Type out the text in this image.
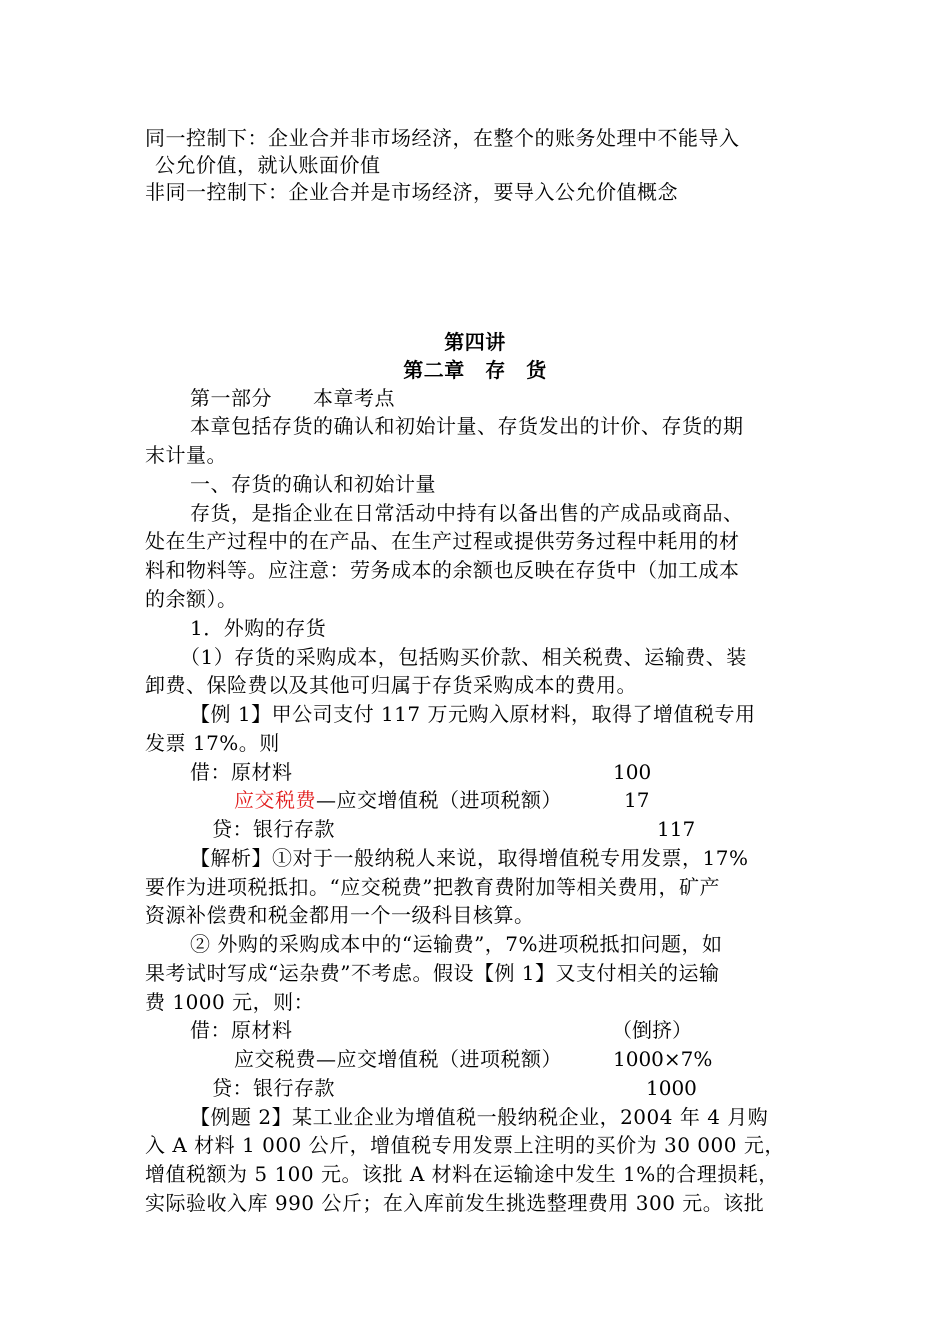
同一控制下：企业合并非市场经济，在整个的账务处理中不能导入
公允价值，就认账面价值
非同一控制下：企业合并是市场经济，要导入公允价值概念
第四讲
第二章　存　货
第一部分　　本章考点
本章包括存货的确认和初始计量、存货发出的计价、存货的期
末计量。
一、存货的确认和初始计量
存货，是指企业在日常活动中持有以备出售的产成品或商品、
处在生产过程中的在产品、在生产过程或提供劳务过程中耗用的材
料和物料等。应注意：劳务成本的余额也反映在存货中（加工成本
的余额）。
1．外购的存货
（1）存货的采购成本，包括购买价款、相关税费、运输费、装
卸费、保险费以及其他可归属于存货采购成本的费用。
【例 1】甲公司支付 117 万元购入原材料，取得了增值税专用
发票 17%。则
借：原材料	100
应交税费—应交增值税（进项税额）	17
贷：银行存款	117
【解析】①对于一般纳税人来说，取得增值税专用发票，17%
要作为进项税抵扣。“应交税费”把教育费附加等相关费用，矿产
资源补偿费和税金都用一个一级科目核算。
② 外购的采购成本中的“运输费”，7%进项税抵扣问题，如
果考试时写成“运杂费”不考虑。假设【例 1】又支付相关的运输
费 1000 元，则：
借：原材料	（倒挤）
应交税费—应交增值税（进项税额）	1000×7%
贷：银行存款	1000
【例题 2】某工业企业为增值税一般纳税企业，2004 年 4 月购
入 A 材料 1 000 公斤，增值税专用发票上注明的买价为 30 000 元，
增值税额为 5 100 元。该批 A 材料在运输途中发生 1%的合理损耗，
实际验收入库 990 公斤；在入库前发生挑选整理费用 300 元。该批
